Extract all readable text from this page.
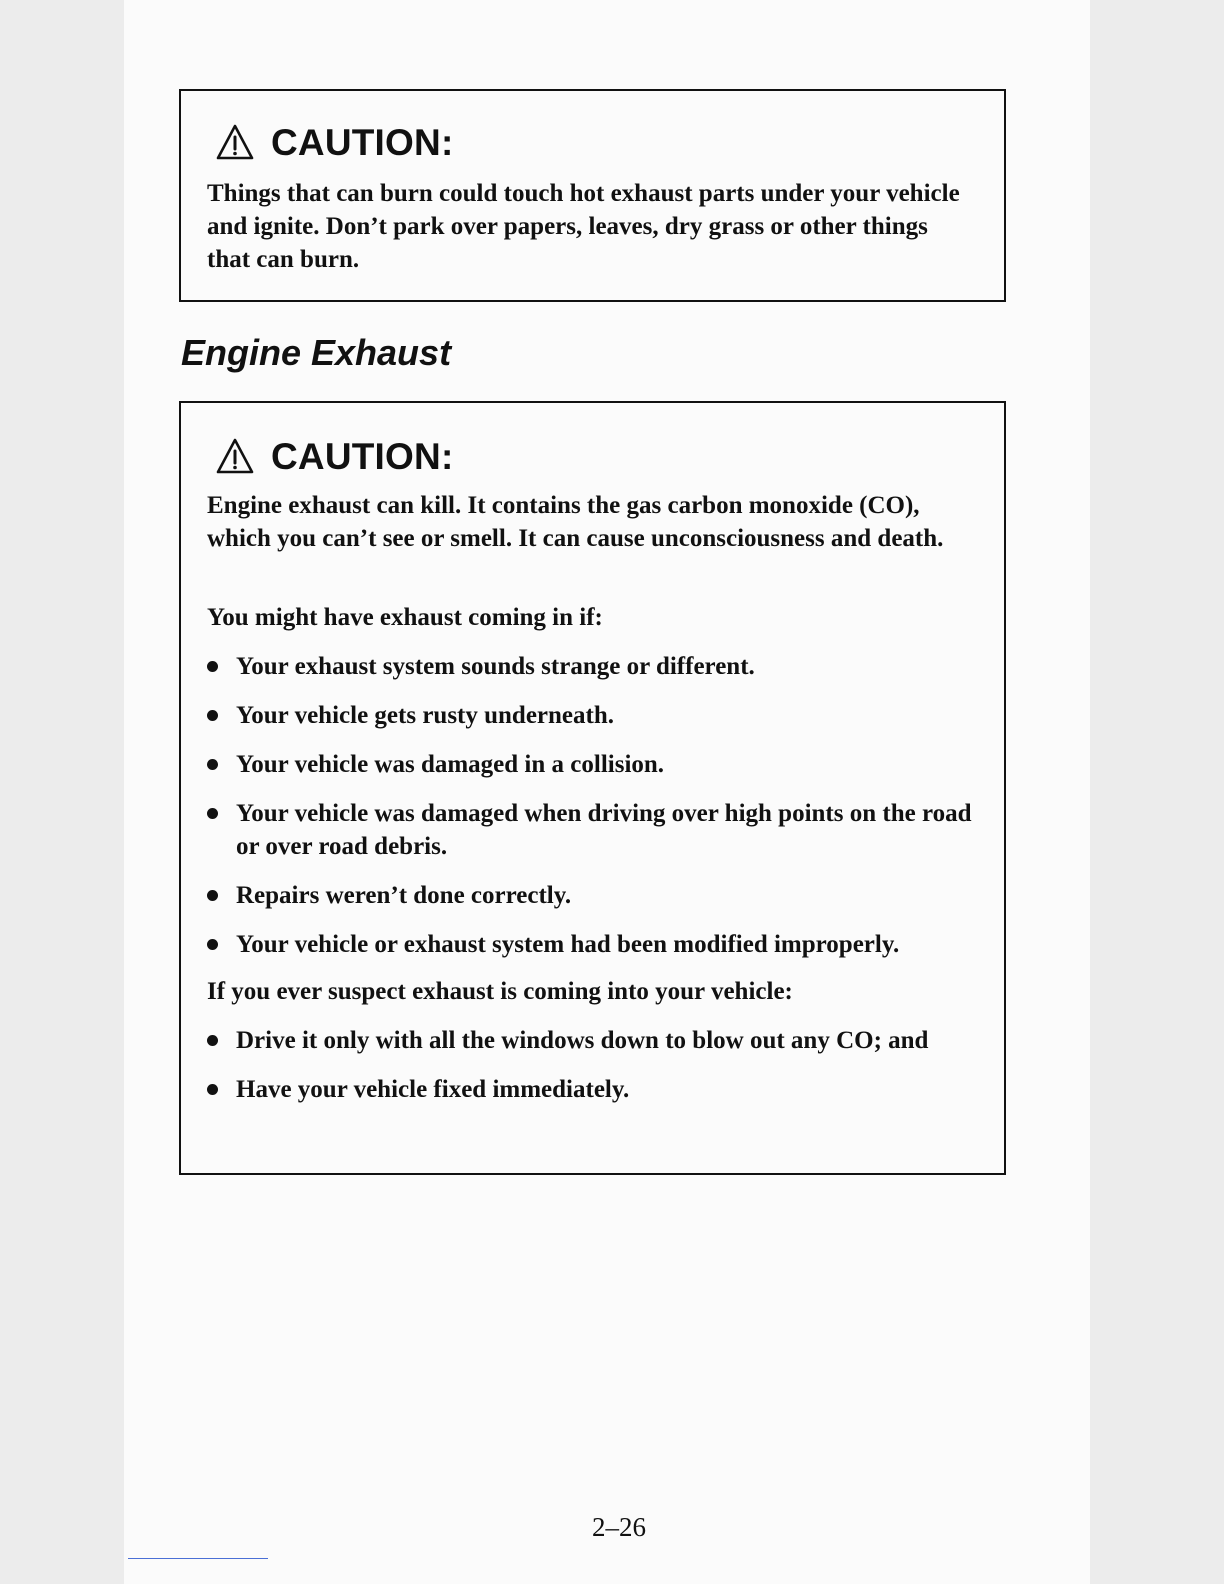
CAUTION:

Things that can burn could touch hot exhaust parts under your vehicle and ignite. Don’t park over papers, leaves, dry grass or other things that can burn.

Engine Exhaust
CAUTION:

Engine exhaust can kill. It contains the gas carbon monoxide (CO), which you can’t see or smell. It can cause unconsciousness and death.

You might have exhaust coming in if:

Your exhaust system sounds strange or different.
Your vehicle gets rusty underneath.
Your vehicle was damaged in a collision.
Your vehicle was damaged when driving over high points on the road or over road debris.
Repairs weren’t done correctly.
Your vehicle or exhaust system had been modified improperly.

If you ever suspect exhaust is coming into your vehicle:

Drive it only with all the windows down to blow out any CO; and
Have your vehicle fixed immediately.
2–26
